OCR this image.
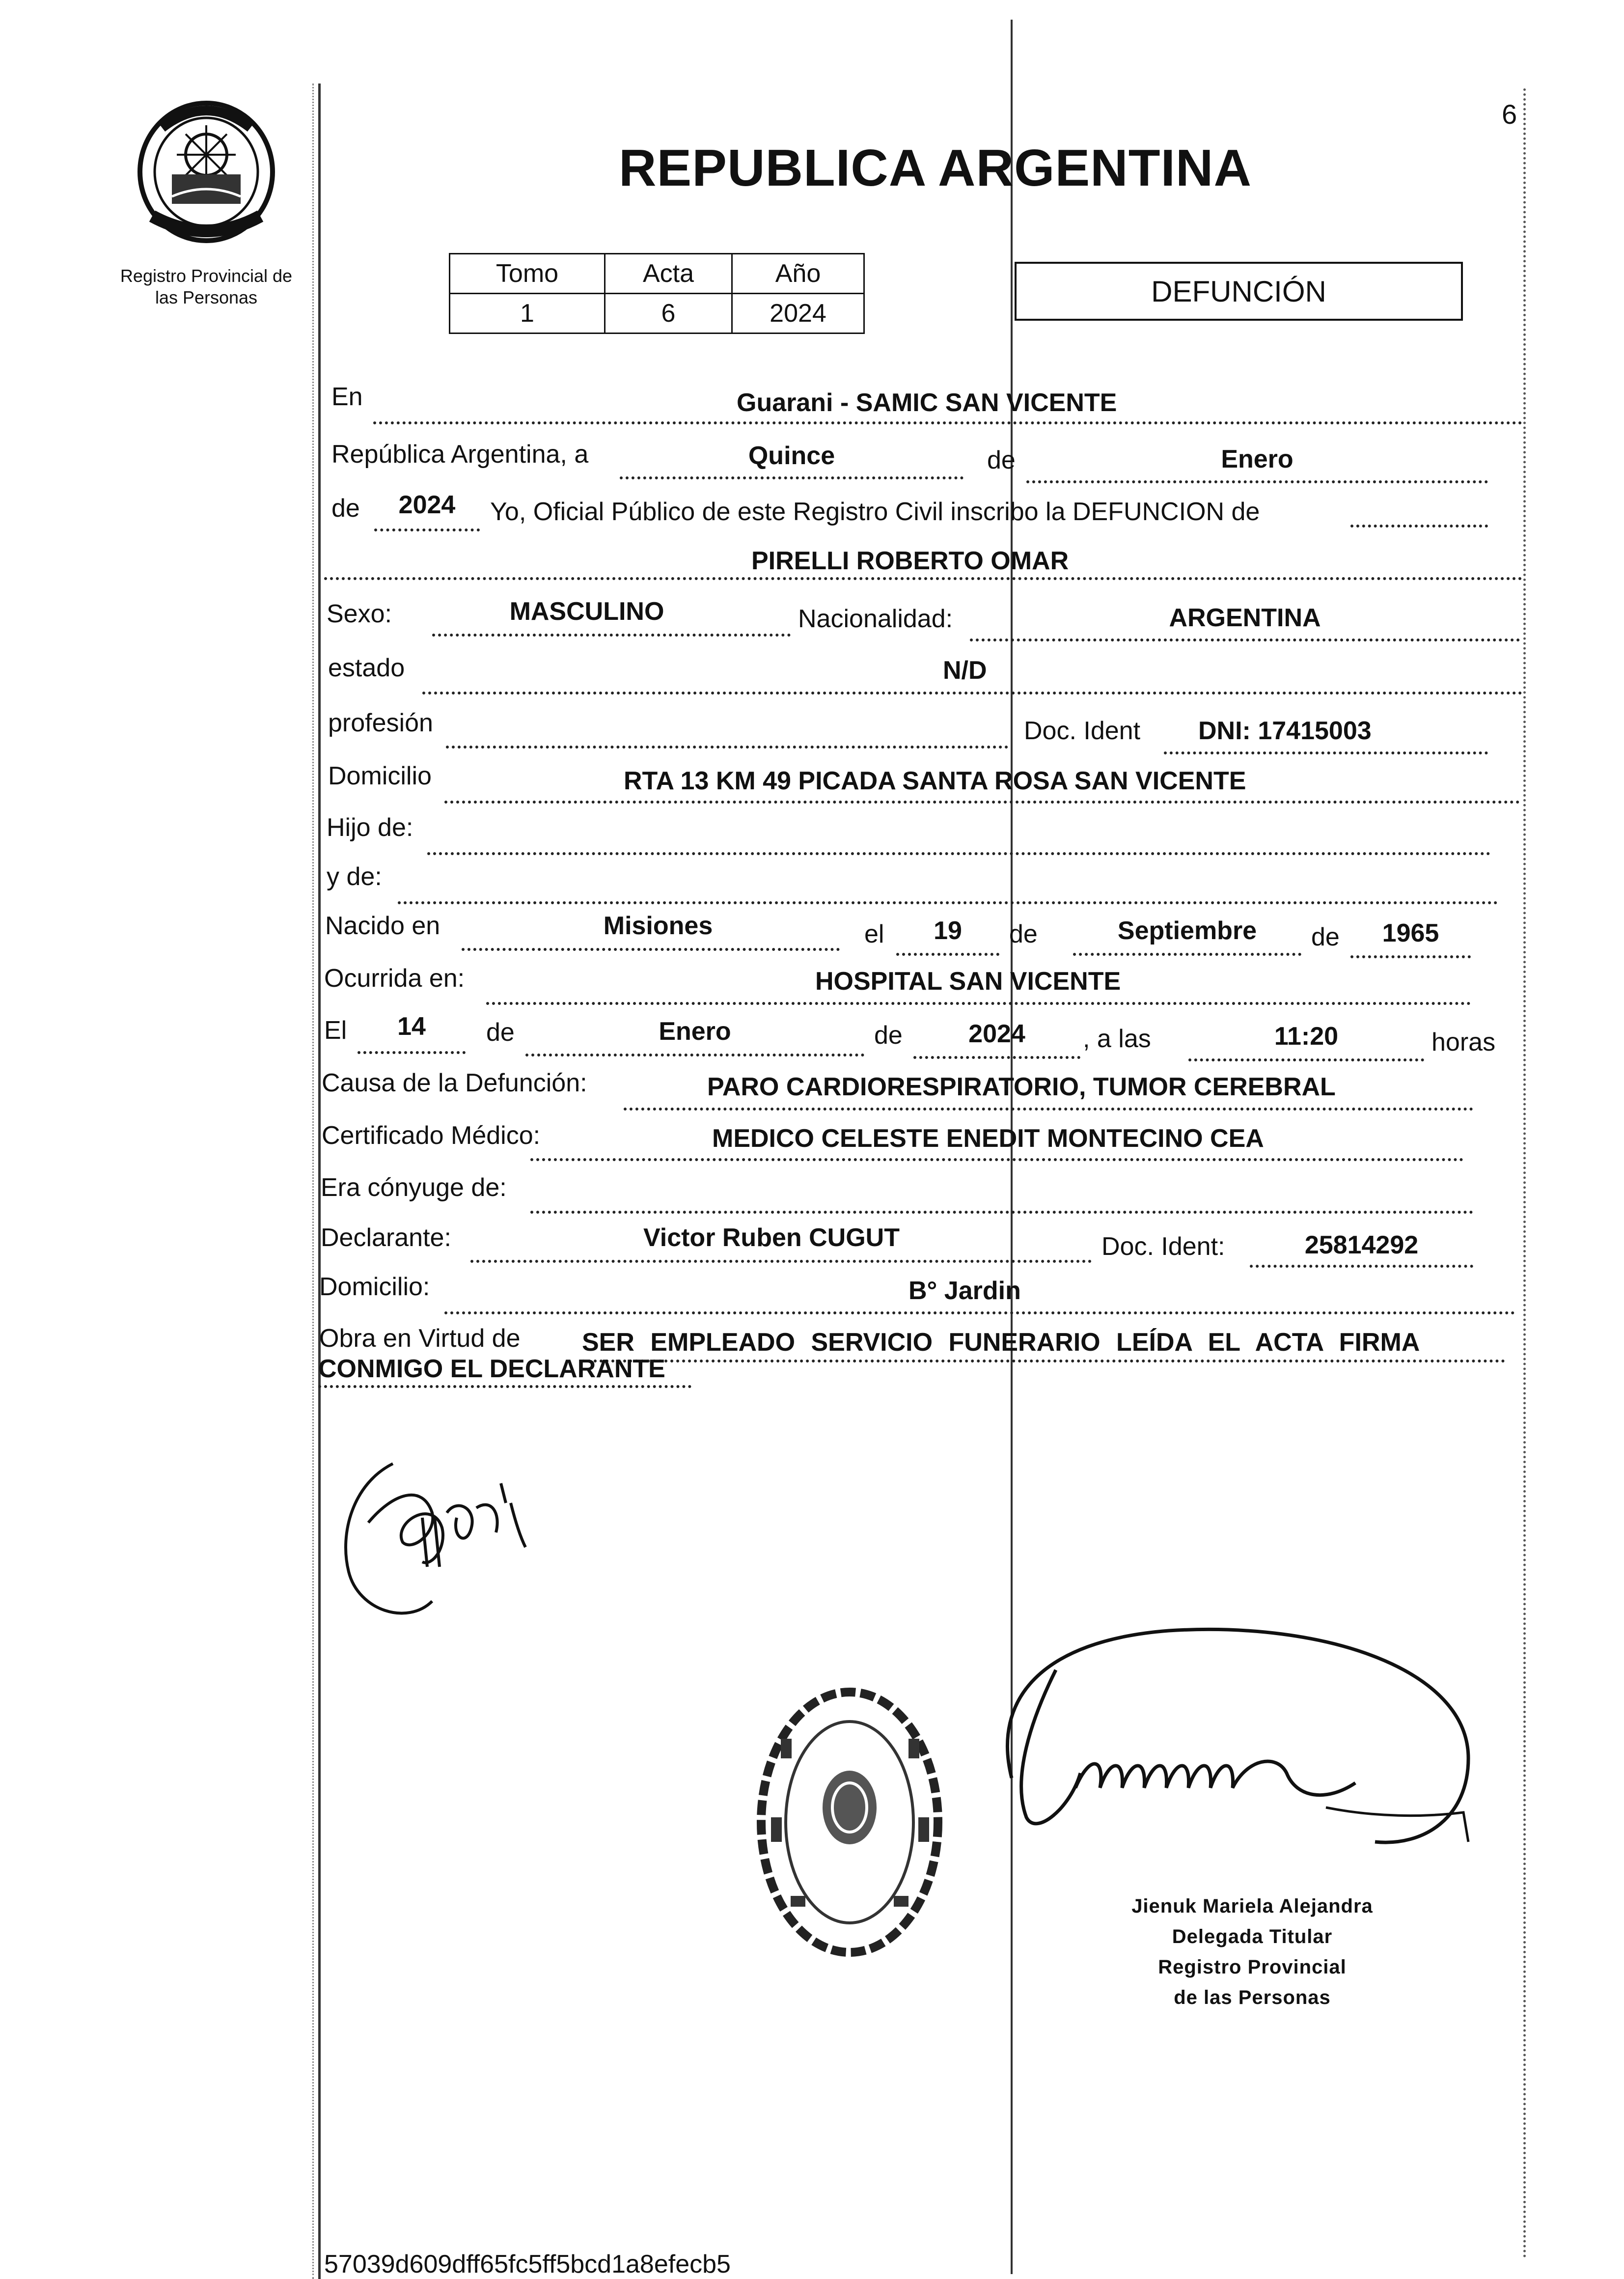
6
Registro Provincial de
las Personas
REPUBLICA ARGENTINA
Tomo	Acta	Año
1	6	2024
DEFUNCIÓN
En	Guarani - SAMIC SAN VICENTE
República Argentina, a	Quince	de	Enero
de	2024	Yo, Oficial Público de este Registro Civil inscribo la DEFUNCION de
PIRELLI ROBERTO OMAR
Sexo:	MASCULINO	Nacionalidad:	ARGENTINA
estado	N/D
profesión	Doc. Ident DNI: 17415003
Domicilio	RTA 13 KM 49 PICADA SANTA ROSA SAN VICENTE
Hijo de:
y de:
Nacido en	Misiones	el	19	de	Septiembre	de	1965
Ocurrida en:	HOSPITAL SAN VICENTE
El	14	de	Enero	de	2024	, a las	11:20	horas
Causa de la Defunción:	PARO CARDIORESPIRATORIO, TUMOR CEREBRAL
Certificado Médico:	MEDICO CELESTE ENEDIT MONTECINO CEA
Era cónyuge de:
Declarante:	Victor Ruben CUGUT	Doc. Ident:	25814292
Domicilio:	B° Jardin
Obra en Virtud de SER EMPLEADO SERVICIO FUNERARIO LEÍDA EL ACTA FIRMA
CONMIGO EL DECLARANTE
Jienuk Mariela Alejandra
Delegada Titular
Registro Provincial
de las Personas
57039d609dff65fc5ff5bcd1a8efecb5
